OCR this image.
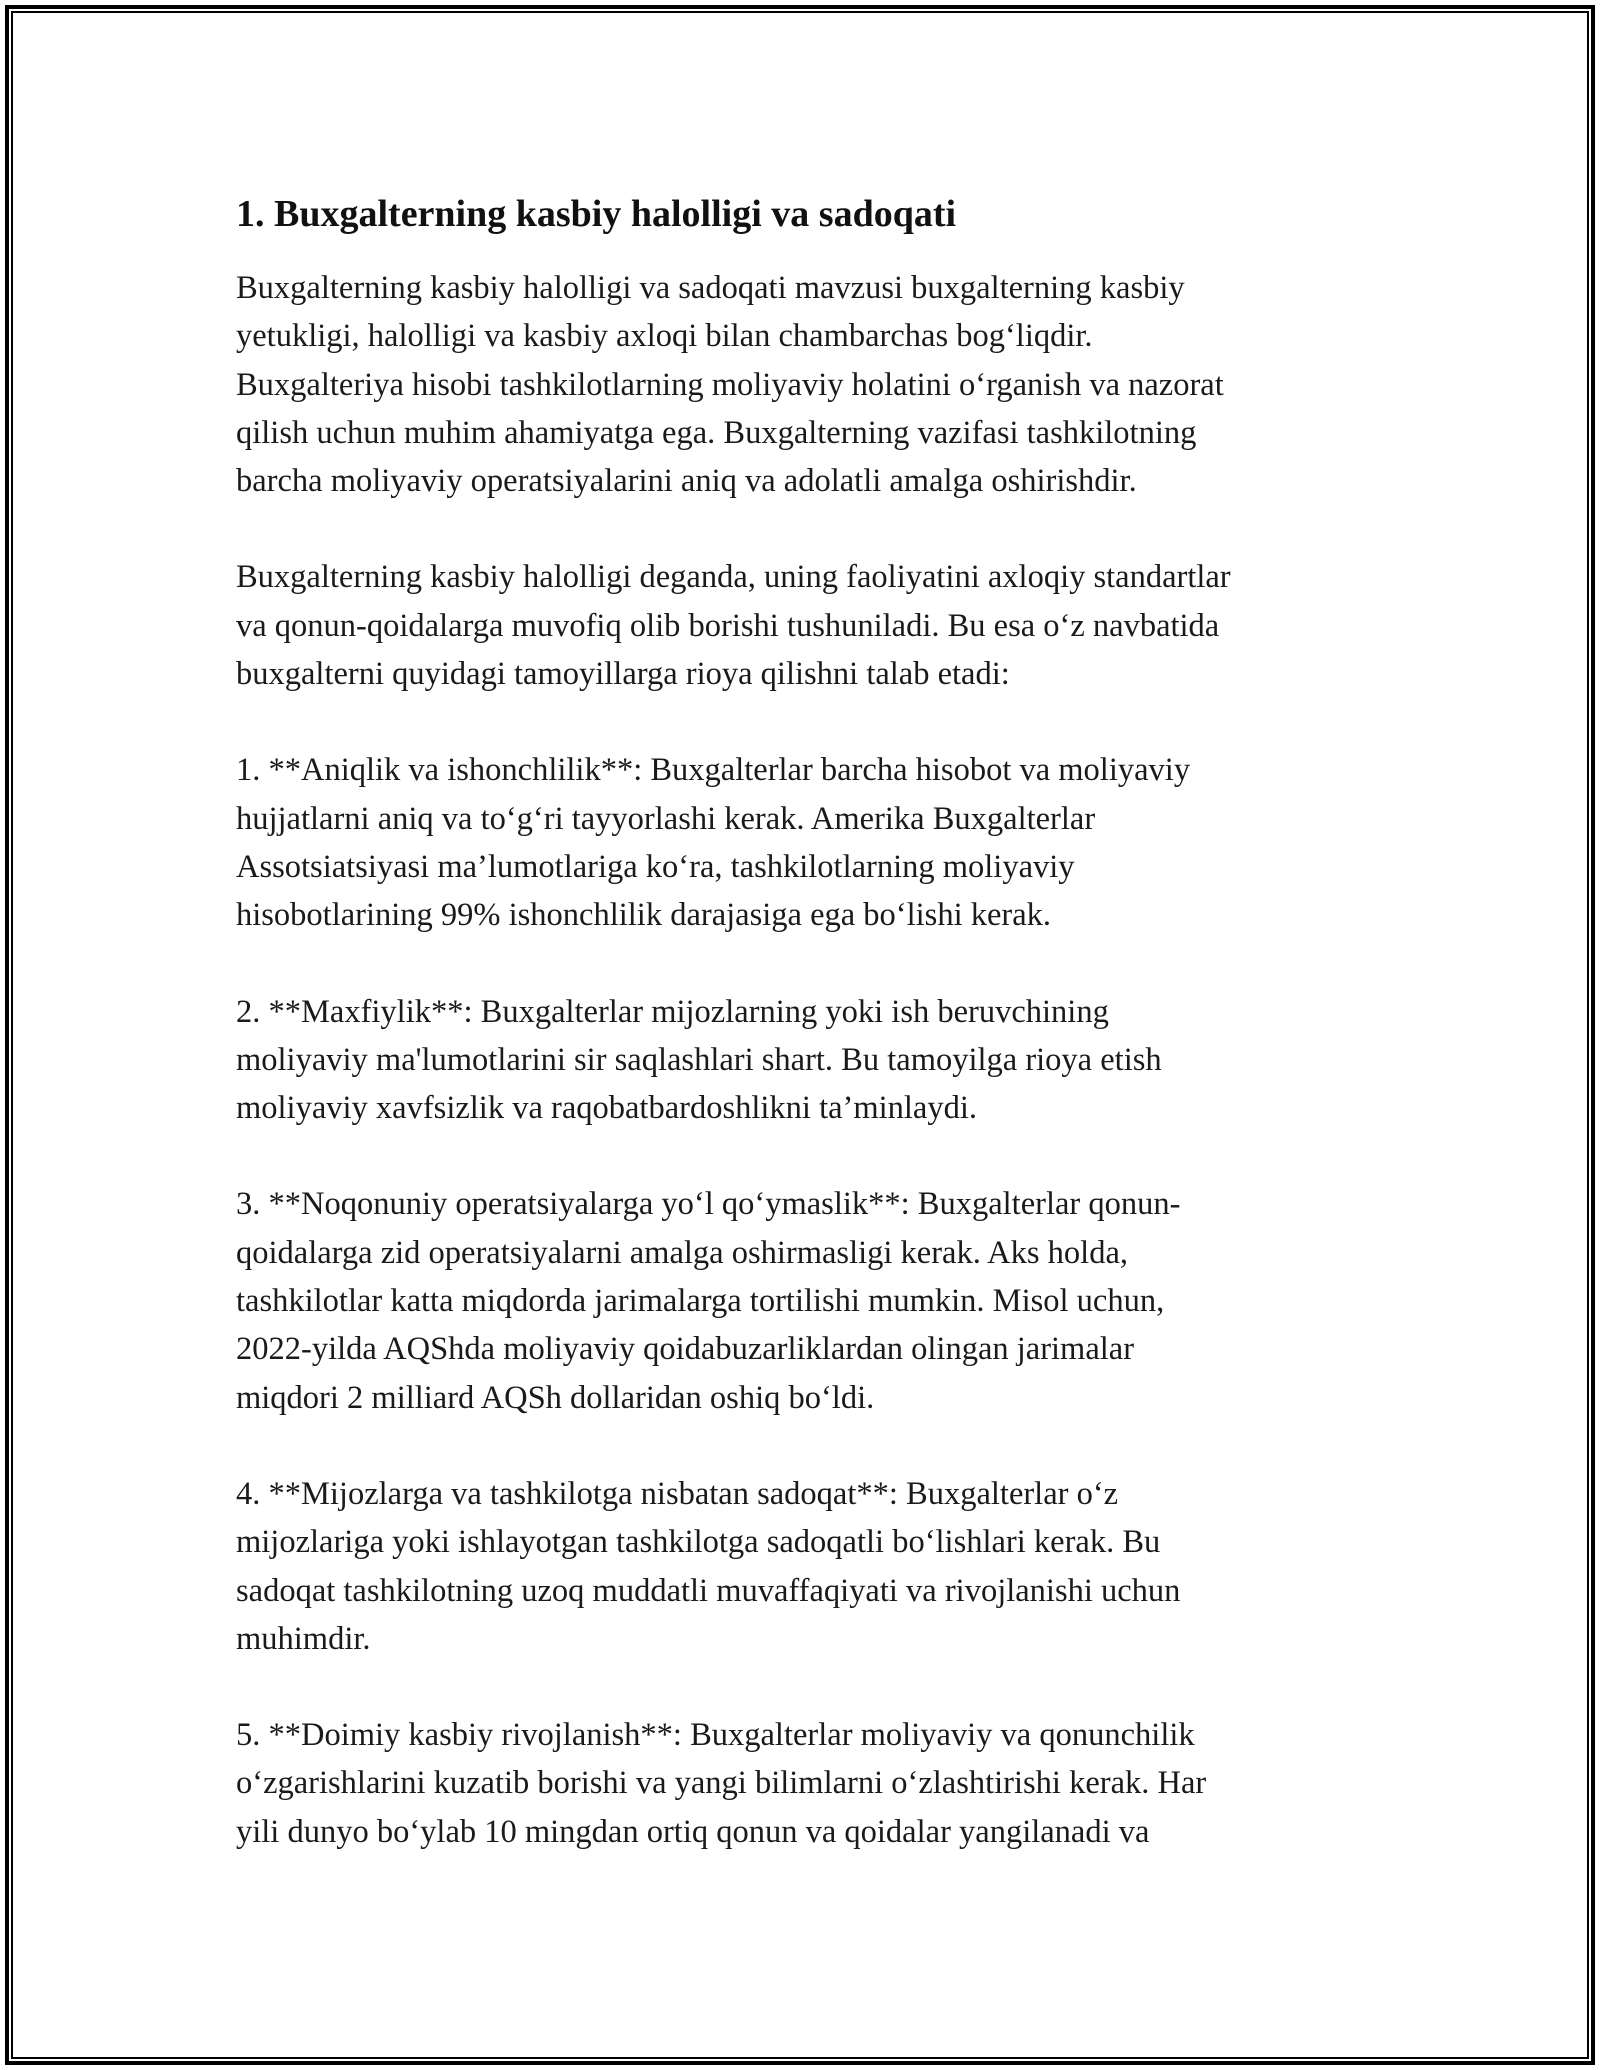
1. Buxgalterning kasbiy halolligi va sadoqati

Buxgalterning kasbiy halolligi va sadoqati mavzusi buxgalterning kasbiy
yetukligi, halolligi va kasbiy axloqi bilan chambarchas bog‘liqdir.
Buxgalteriya hisobi tashkilotlarning moliyaviy holatini o‘rganish va nazorat
qilish uchun muhim ahamiyatga ega. Buxgalterning vazifasi tashkilotning
barcha moliyaviy operatsiyalarini aniq va adolatli amalga oshirishdir.

Buxgalterning kasbiy halolligi deganda, uning faoliyatini axloqiy standartlar
va qonun-qoidalarga muvofiq olib borishi tushuniladi. Bu esa o‘z navbatida
buxgalterni quyidagi tamoyillarga rioya qilishni talab etadi:

1. **Aniqlik va ishonchlilik**: Buxgalterlar barcha hisobot va moliyaviy
hujjatlarni aniq va to‘g‘ri tayyorlashi kerak. Amerika Buxgalterlar
Assotsiatsiyasi ma’lumotlariga ko‘ra, tashkilotlarning moliyaviy
hisobotlarining 99% ishonchlilik darajasiga ega bo‘lishi kerak.

2. **Maxfiylik**: Buxgalterlar mijozlarning yoki ish beruvchining
moliyaviy ma'lumotlarini sir saqlashlari shart. Bu tamoyilga rioya etish
moliyaviy xavfsizlik va raqobatbardoshlikni ta’minlaydi.

3. **Noqonuniy operatsiyalarga yo‘l qo‘ymaslik**: Buxgalterlar qonun-
qoidalarga zid operatsiyalarni amalga oshirmasligi kerak. Aks holda,
tashkilotlar katta miqdorda jarimalarga tortilishi mumkin. Misol uchun,
2022-yilda AQShda moliyaviy qoidabuzarliklardan olingan jarimalar
miqdori 2 milliard AQSh dollaridan oshiq bo‘ldi.

4. **Mijozlarga va tashkilotga nisbatan sadoqat**: Buxgalterlar o‘z
mijozlariga yoki ishlayotgan tashkilotga sadoqatli bo‘lishlari kerak. Bu
sadoqat tashkilotning uzoq muddatli muvaffaqiyati va rivojlanishi uchun
muhimdir.

5. **Doimiy kasbiy rivojlanish**: Buxgalterlar moliyaviy va qonunchilik
o‘zgarishlarini kuzatib borishi va yangi bilimlarni o‘zlashtirishi kerak. Har
yili dunyo bo‘ylab 10 mingdan ortiq qonun va qoidalar yangilanadi va
